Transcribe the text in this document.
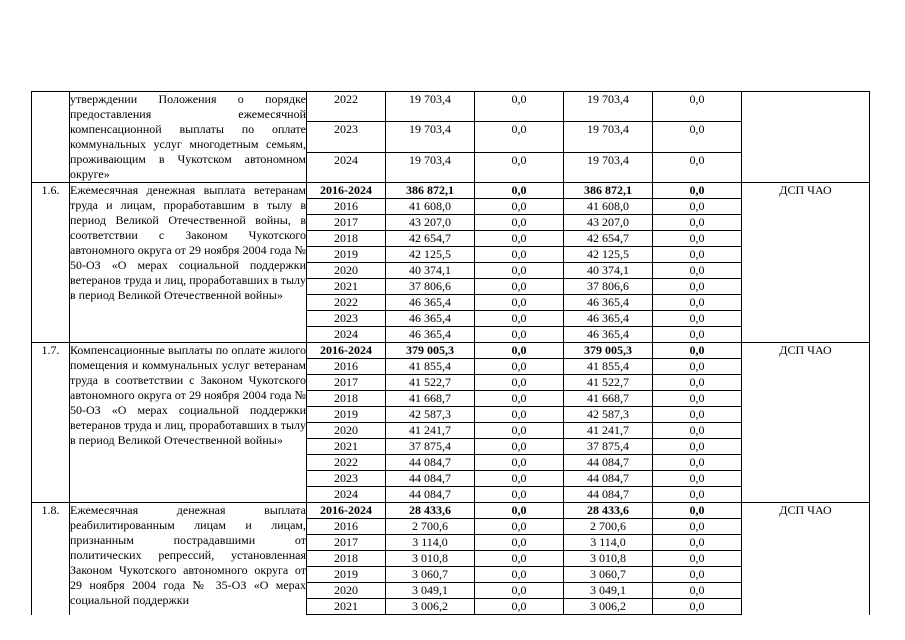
	утверждении Положения о порядке предоставления ежемесячной компенсационной выплаты по оплате коммунальных услуг многодетным семьям, проживающим в Чукотском автономном округе»	2022	19 703,4	0,0	19 703,4	0,0	

		2023	19 703,4	0,0	19 703,4	0,0	
		2024	19 703,4	0,0	19 703,4	0,0	

1.6.	Ежемесячная денежная выплата ветеранам труда и лицам, проработавшим в тылу в период Великой Отечественной войны, в соответствии с Законом Чукотского автономного округа от 29 ноября 2004 года № 50-ОЗ «О мерах социальной поддержки ветеранов труда и лиц, проработавших в тылу в период Великой Отечественной войны»	2016-2024	386 872,1	0,0	386 872,1	0,0	ДСП ЧАО

		2016	41 608,0	0,0	41 608,0	0,0	
		2017	43 207,0	0,0	43 207,0	0,0	
		2018	42 654,7	0,0	42 654,7	0,0	
		2019	42 125,5	0,0	42 125,5	0,0	
		2020	40 374,1	0,0	40 374,1	0,0	
		2021	37 806,6	0,0	37 806,6	0,0	
		2022	46 365,4	0,0	46 365,4	0,0	
		2023	46 365,4	0,0	46 365,4	0,0	
		2024	46 365,4	0,0	46 365,4	0,0	

1.7.	Компенсационные выплаты по оплате жилого помещения и коммунальных услуг ветеранам труда в соответствии с Законом Чукотского автономного округа от 29 ноября 2004 года № 50-ОЗ «О мерах социальной поддержки ветеранов труда и лиц, проработавших в тылу в период Великой Отечественной войны»	2016-2024	379 005,3	0,0	379 005,3	0,0	ДСП ЧАО

		2016	41 855,4	0,0	41 855,4	0,0	
		2017	41 522,7	0,0	41 522,7	0,0	
		2018	41 668,7	0,0	41 668,7	0,0	
		2019	42 587,3	0,0	42 587,3	0,0	
		2020	41 241,7	0,0	41 241,7	0,0	
		2021	37 875,4	0,0	37 875,4	0,0	
		2022	44 084,7	0,0	44 084,7	0,0	
		2023	44 084,7	0,0	44 084,7	0,0	
		2024	44 084,7	0,0	44 084,7	0,0	

1.8.	Ежемесячная денежная выплата реабилитированным лицам и лицам, признанным пострадавшими от политических репрессий, установленная Законом Чукотского автономного округа от 29 ноября 2004 года № 35-ОЗ «О мерах социальной поддержки	2016-2024	28 433,6	0,0	28 433,6	0,0	ДСП ЧАО

		2016	2 700,6	0,0	2 700,6	0,0	
		2017	3 114,0	0,0	3 114,0	0,0	
		2018	3 010,8	0,0	3 010,8	0,0	
		2019	3 060,7	0,0	3 060,7	0,0	
		2020	3 049,1	0,0	3 049,1	0,0	
		2021	3 006,2	0,0	3 006,2	0,0	
